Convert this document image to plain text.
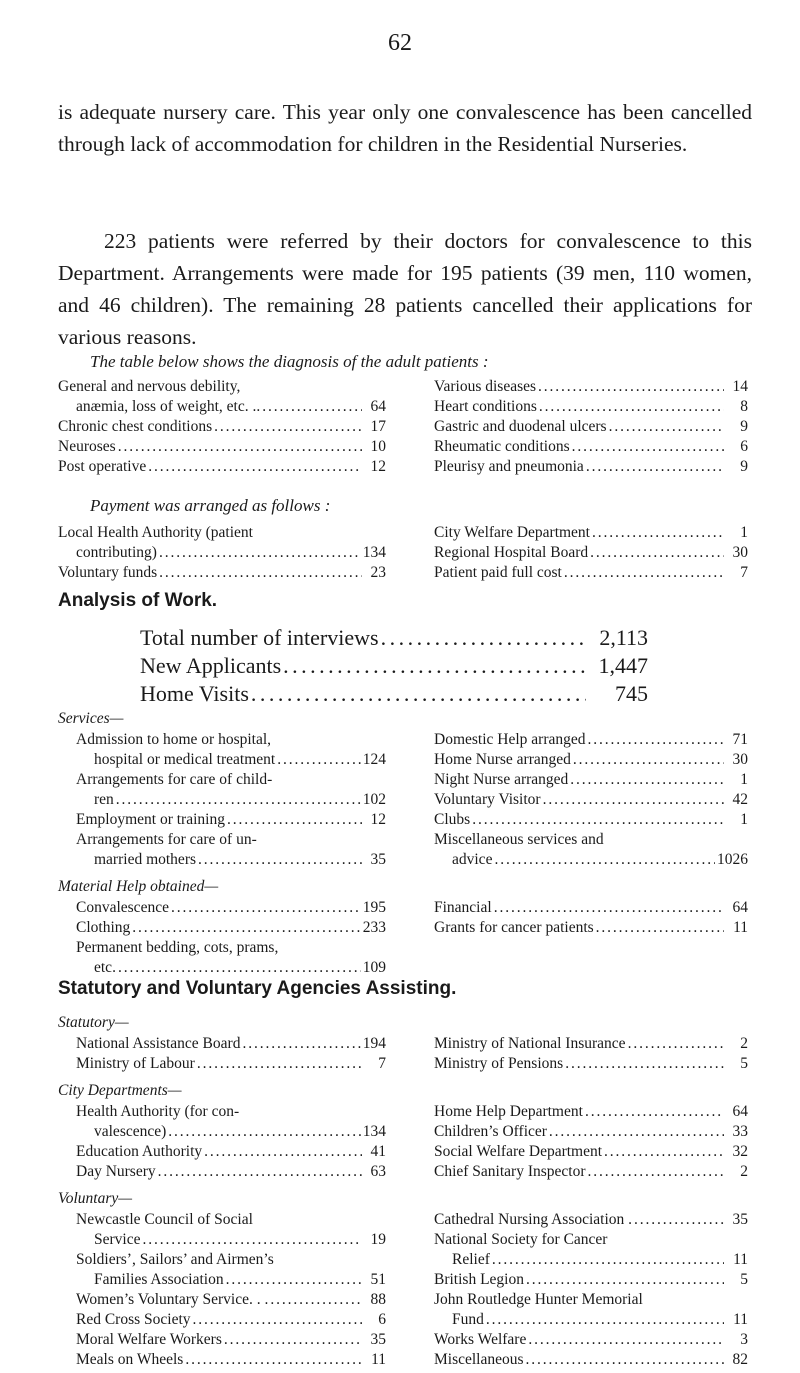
62
is adequate nursery care. This year only one convalescence has been cancelled through lack of accommodation for children in the Residential Nurseries.
223 patients were referred by their doctors for convalescence to this Department. Arrangements were made for 195 patients (39 men, 110 women, and 46 children). The remaining 28 patients cancelled their applications for various reasons.
The table below shows the diagnosis of the adult patients :
General and nervous debility,
anæmia, loss of weight, etc. .. . . .	64
Chronic chest conditions . . .	17
Neuroses . . .	10
Post operative . . .	12
Various diseases . . .	14
Heart conditions . . .	8
Gastric and duodenal ulcers . . .	9
Rheumatic conditions . . .	6
Pleurisy and pneumonia . . .	9
Payment was arranged as follows :
Local Health Authority (patient
contributing) . . .	134
Voluntary funds . . .	23
City Welfare Department . . .	1
Regional Hospital Board . . .	30
Patient paid full cost . . .	7
Analysis of Work.
Total number of interviews . . .	2,113
New Applicants . . .	1,447
Home Visits . . .	745
Services—
Admission to home or hospital,
hospital or medical treatment . . .	124
Arrangements for care of child-
ren . . .	102
Employment or training . . .	12
Arrangements for care of un-
married mothers . . .	35
Material Help obtained—
Convalescence . . .	195
Clothing . . .	233
Permanent bedding, cots, prams,
etc. . . .	109
Domestic Help arranged . . .	71
Home Nurse arranged . . .	30
Night Nurse arranged . . .	1
Voluntary Visitor . . .	42
Clubs . . .	1
Miscellaneous services and
advice . . .	1026
Financial . . .	64
Grants for cancer patients . . .	11
Statutory and Voluntary Agencies Assisting.
Statutory—
National Assistance Board . . .	194
Ministry of Labour . . .	7
City Departments—
Health Authority (for con-
valescence) . . .	134
Education Authority . . .	41
Day Nursery . . .	63
Voluntary—
Newcastle Council of Social
Service . . .	19
Soldiers’, Sailors’ and Airmen’s
Families Association . . .	51
Women’s Voluntary Service. . . . . .	88
Red Cross Society . . .	6
Moral Welfare Workers . . .	35
Meals on Wheels . . .	11
Ministry of National Insurance . . .	2
Ministry of Pensions . . .	5
Home Help Department . . .	64
Children’s Officer . . .	33
Social Welfare Department . . .	32
Chief Sanitary Inspector . . .	2
Cathedral Nursing Association . . . .	35
National Society for Cancer
Relief . . .	11
British Legion . . .	5
John Routledge Hunter Memorial
Fund . . .	11
Works Welfare . . .	3
Miscellaneous . . .	82
